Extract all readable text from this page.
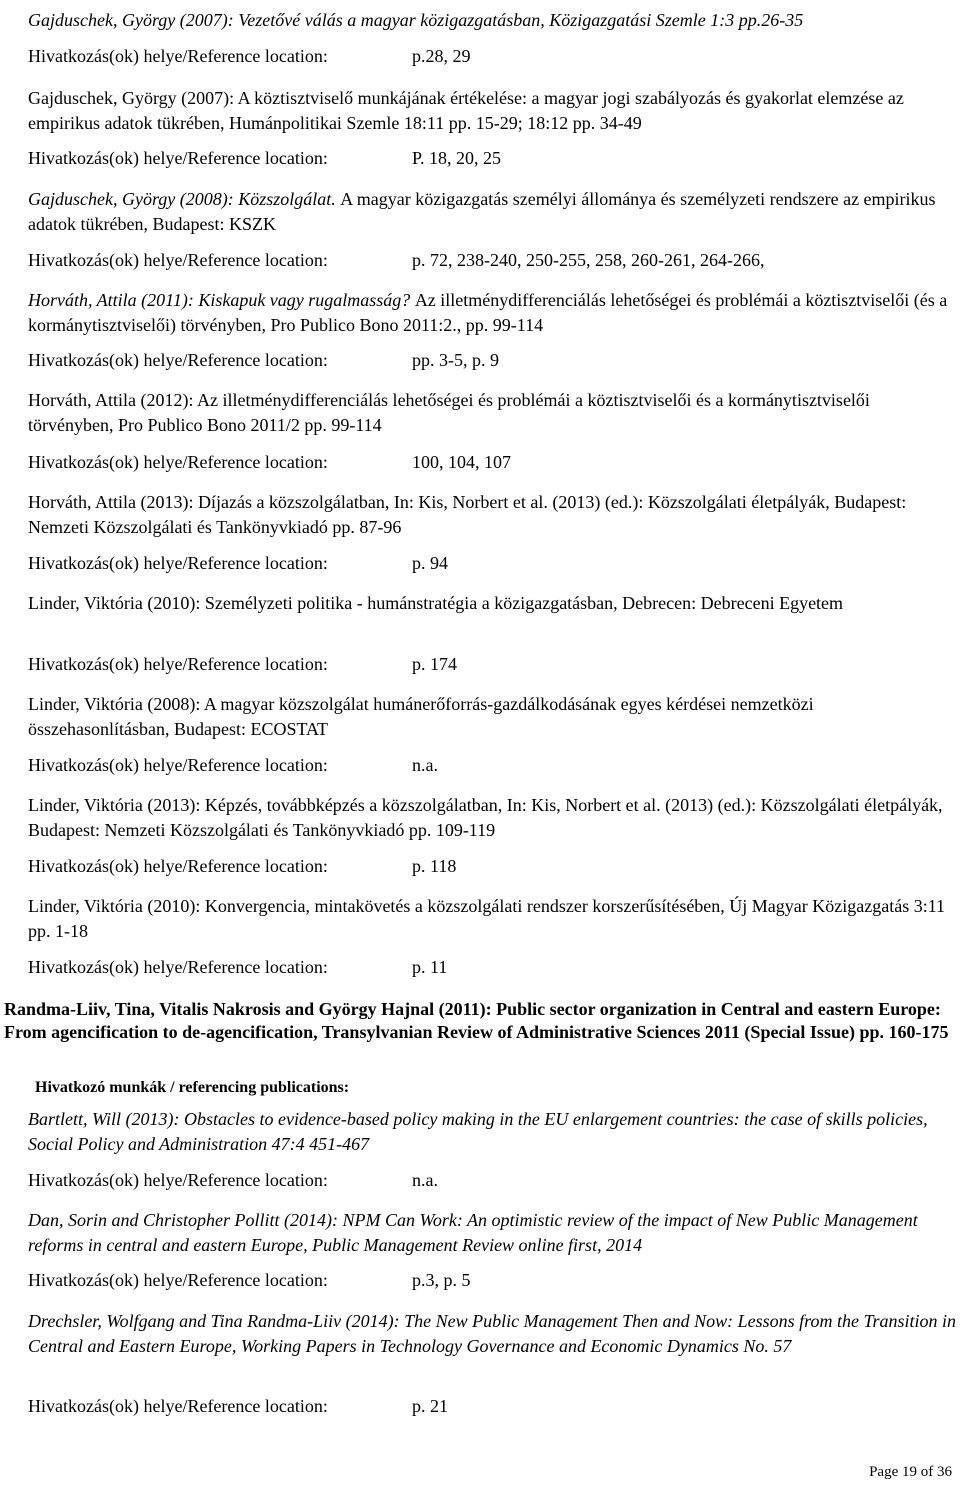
Gajduschek, György (2007): Vezetővé válás a magyar közigazgatásban, Közigazgatási Szemle 1:3 pp.26-35
Hivatkozás(ok) helye/Reference location:	p.28, 29
Gajduschek, György (2007): A köztisztviselő munkájának értékelése: a magyar jogi szabályozás és gyakorlat elemzése az empirikus adatok tükrében, Humánpolitikai Szemle 18:11 pp. 15-29; 18:12 pp. 34-49
Hivatkozás(ok) helye/Reference location:	P. 18, 20, 25
Gajduschek, György (2008): Közszolgálat. A magyar közigazgatás személyi állománya és személyzeti rendszere az empirikus adatok tükrében, Budapest: KSZK
Hivatkozás(ok) helye/Reference location:	p. 72, 238-240, 250-255, 258, 260-261, 264-266,
Horváth, Attila (2011): Kiskapuk vagy rugalmasság? Az illetménydifferenciálás lehetőségei és problémái a köztisztviselői (és a kormánytisztviselői) törvényben, Pro Publico Bono 2011:2., pp. 99-114
Hivatkozás(ok) helye/Reference location:	pp. 3-5, p. 9
Horváth, Attila (2012): Az illetménydifferenciálás lehetőségei és problémái a köztisztviselői és a kormánytisztviselői törvényben, Pro Publico Bono 2011/2 pp. 99-114
Hivatkozás(ok) helye/Reference location:	100, 104, 107
Horváth, Attila (2013): Díjazás a közszolgálatban, In: Kis, Norbert et al. (2013) (ed.): Közszolgálati életpályák, Budapest: Nemzeti Közszolgálati és Tankönyvkiadó pp. 87-96
Hivatkozás(ok) helye/Reference location:	p. 94
Linder, Viktória (2010): Személyzeti politika - humánstratégia a közigazgatásban, Debrecen: Debreceni Egyetem
Hivatkozás(ok) helye/Reference location:	p. 174
Linder, Viktória (2008): A magyar közszolgálat humánerőforrás-gazdálkodásának egyes kérdései nemzetközi összehasonlításban, Budapest: ECOSTAT
Hivatkozás(ok) helye/Reference location:	n.a.
Linder, Viktória (2013): Képzés, továbbképzés a közszolgálatban, In: Kis, Norbert et al. (2013) (ed.): Közszolgálati életpályák, Budapest: Nemzeti Közszolgálati és Tankönyvkiadó pp. 109-119
Hivatkozás(ok) helye/Reference location:	p. 118
Linder, Viktória (2010): Konvergencia, mintakövetés a közszolgálati rendszer korszerűsítésében, Új Magyar Közigazgatás 3:11 pp. 1-18
Hivatkozás(ok) helye/Reference location:	p. 11
Randma-Liiv, Tina, Vitalis Nakrosis and György Hajnal (2011): Public sector organization in Central and eastern Europe: From agencification to de-agencification, Transylvanian Review of Administrative Sciences 2011 (Special Issue) pp. 160-175
Hivatkozó munkák / referencing publications:
Bartlett, Will (2013): Obstacles to evidence-based policy making in the EU enlargement countries: the case of skills policies, Social Policy and Administration 47:4 451-467
Hivatkozás(ok) helye/Reference location:	n.a.
Dan, Sorin and Christopher Pollitt (2014): NPM Can Work: An optimistic review of the impact of New Public Management reforms in central and eastern Europe, Public Management Review online first, 2014
Hivatkozás(ok) helye/Reference location:	p.3, p. 5
Drechsler, Wolfgang and Tina Randma-Liiv (2014): The New Public Management Then and Now: Lessons from the Transition in Central and Eastern Europe, Working Papers in Technology Governance and Economic Dynamics No. 57
Hivatkozás(ok) helye/Reference location:	p. 21
Page 19 of 36
